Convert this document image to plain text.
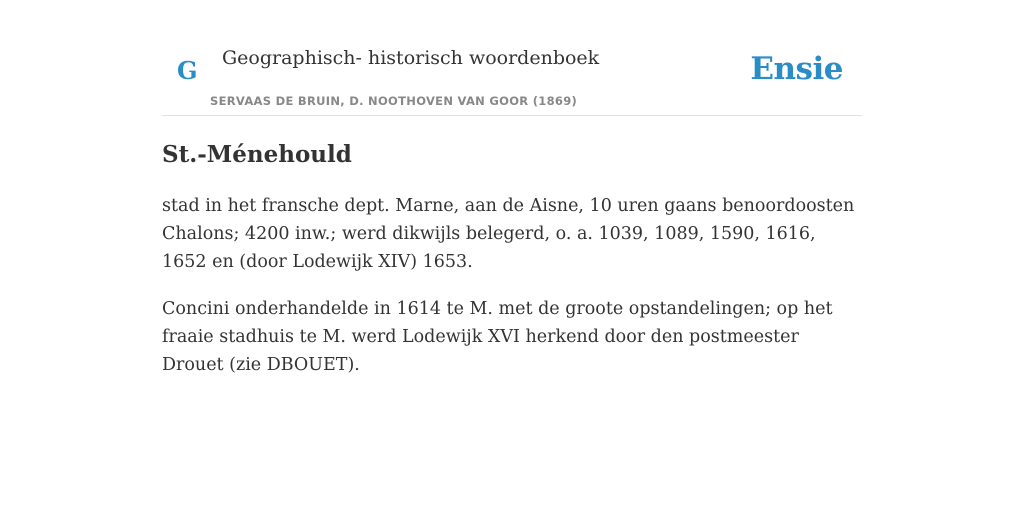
G Geographisch- historisch woordenboek
SERVAAS DE BRUIN, D. NOOTHOVEN VAN GOOR (1869)
Ensie
St.-Ménehould

stad in het fransche dept. Marne, aan de Aisne, 10 uren gaans benoordoosten Chalons; 4200 inw.; werd dikwijls belegerd, o. a. 1039, 1089, 1590, 1616, 1652 en (door Lodewijk XIV) 1653.

Concini onderhandelde in 1614 te M. met de groote opstandelingen; op het fraaie stadhuis te M. werd Lodewijk XVI herkend door den postmeester Drouet (zie DBOUET).
